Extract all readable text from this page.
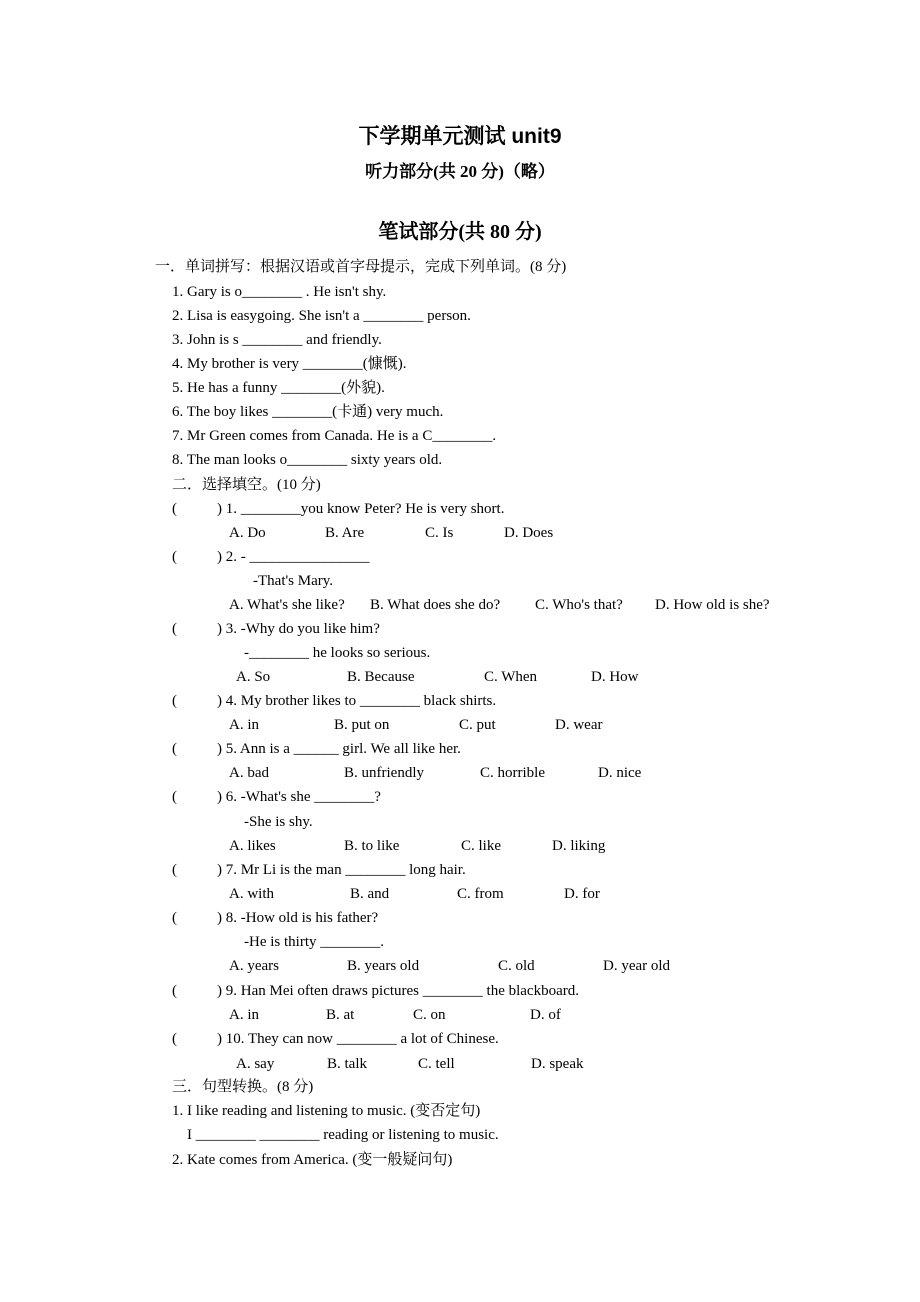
下学期单元测试 unit9
听力部分(共 20 分)（略）
笔试部分(共 80 分)
一．单词拼写：根据汉语或首字母提示，完成下列单词。(8 分)
1. Gary is o________ . He isn't shy.
2. Lisa is easygoing. She isn't a ________ person.
3. John is s ________ and friendly.
4. My brother is very ________(慷慨).
5. He has a funny ________(外貌).
6. The boy likes ________(卡通) very much.
7. Mr Green comes from Canada. He is a C________.
8. The man looks o________ sixty years old.
二．选择填空。(10 分)
(	) 1. ________you know Peter? He is very short.
A. Do	B. Are	C. Is	D. Does
(	) 2. - ________________
-That's Mary.
A. What's she like? B. What does she do? C. Who's that? D. How old is she?
(	) 3. -Why do you like him?
-________ he looks so serious.
A. So	B. Because	C. When	D. How
(	) 4. My brother likes to ________ black shirts.
A. in	B. put on	C. put	D. wear
(	) 5. Ann is a ______ girl. We all like her.
A. bad	B. unfriendly	C. horrible	D. nice
(	) 6. -What's she ________?
-She is shy.
A. likes	B. to like	C. like	D. liking
(	) 7. Mr Li is the man ________ long hair.
A. with	B. and	C. from	D. for
(	) 8. -How old is his father?
-He is thirty ________.
A. years	B. years old	C. old	D. year old
(	) 9. Han Mei often draws pictures ________ the blackboard.
A. in	B. at	C. on	D. of
(	) 10. They can now ________ a lot of Chinese.
A. say	B. talk	C. tell	D. speak
三．句型转换。(8 分)
1. I like reading and listening to music. (变否定句)
I ________ ________ reading or listening to music.
2. Kate comes from America. (变一般疑问句)
